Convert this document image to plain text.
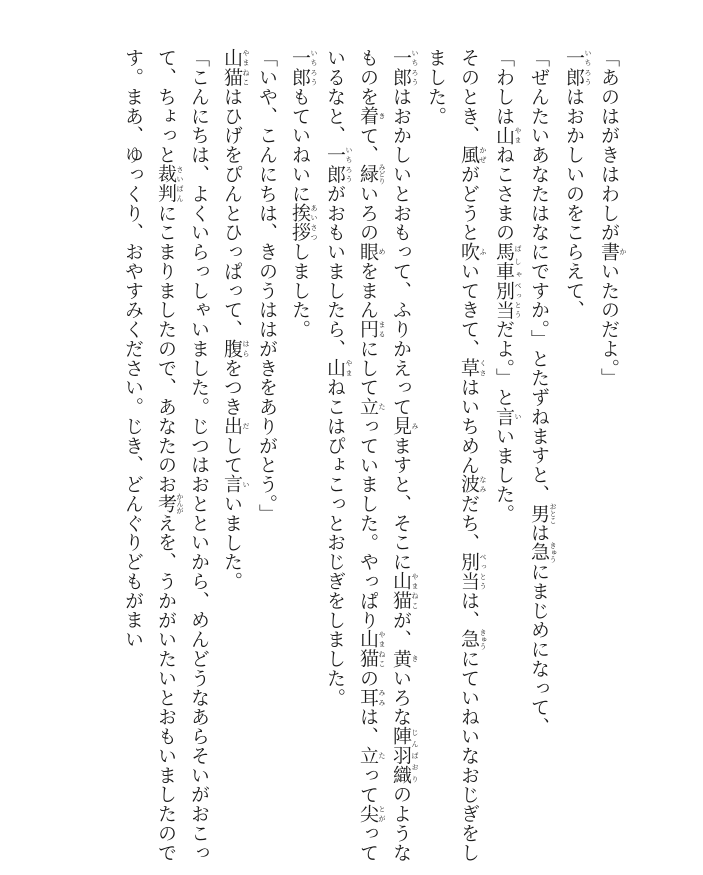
「あのはがきはわしが書 かいたのだよ。」

一郎 いちろうはおかしいのをこらえて、

「ぜんたいあなたはなにですか。」とたずねますと、男 おとこは急 きゅうにまじめになって、

「わしは山 やまねこさまの馬車 ばしゃ別当 べっとうだよ。」と言 いいました。

そのとき、風 かぜがどうと吹 ふいてきて、草 くさはいちめん波 なみだち、別当 べっとうは、急 きゅうにていねいなおじぎをしました。

一郎 いちろうはおかしいとおもって、ふりかえって見 みますと、そこに山猫 やまねこが、黄 きいろな陣羽織 じんばおりのようなものを着 きて、緑 みどりいろの眼 めをまん円 まるにして立 たっていました。やっぱり山猫 やまねこの耳 みみは、立 たって尖 とがっているなと、一郎 いちろうがおもいましたら、山 やまねこはぴょこっとおじぎをしました。

一郎 いちろうもていねいに挨拶 あいさつしました。

「いや、こんにちは、きのうははがきをありがとう。」

山猫 やまねこはひげをぴんとひっぱって、腹 はらをつき出 だして言 いいました。

「こんにちは、よくいらっしゃいました。じつはおとといから、めんどうなあらそいがおこって、ちょっと裁判 さいばんにこまりましたので、あなたのお考 かんがえを、うかがいたいとおもいましたのです。まあ、ゆっくり、おやすみください。じき、どんぐりどもがまい
